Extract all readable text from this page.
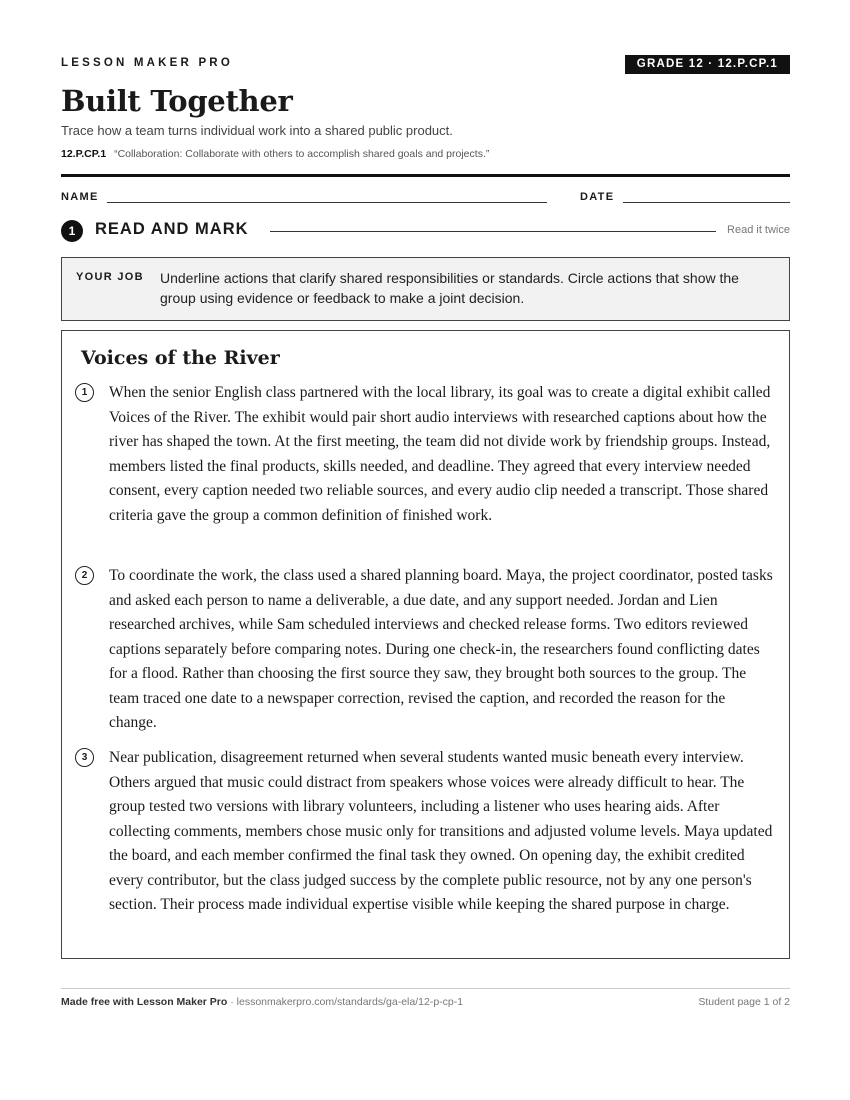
LESSON MAKER PRO	GRADE 12 · 12.P.CP.1
Built Together
Trace how a team turns individual work into a shared public product.
12.P.CP.1 “Collaboration: Collaborate with others to accomplish shared goals and projects.”
NAME	DATE
1	READ AND MARK	Read it twice
YOUR JOB Underline actions that clarify shared responsibilities or standards. Circle actions that show the group using evidence or feedback to make a joint decision.
Voices of the River
1	When the senior English class partnered with the local library, its goal was to create a digital exhibit called Voices of the River. The exhibit would pair short audio interviews with researched captions about how the river has shaped the town. At the first meeting, the team did not divide work by friendship groups. Instead, members listed the final products, skills needed, and deadline. They agreed that every interview needed consent, every caption needed two reliable sources, and every audio clip needed a transcript. Those shared criteria gave the group a common definition of finished work.
2	To coordinate the work, the class used a shared planning board. Maya, the project coordinator, posted tasks and asked each person to name a deliverable, a due date, and any support needed. Jordan and Lien researched archives, while Sam scheduled interviews and checked release forms. Two editors reviewed captions separately before comparing notes. During one check-in, the researchers found conflicting dates for a flood. Rather than choosing the first source they saw, they brought both sources to the group. The team traced one date to a newspaper correction, revised the caption, and recorded the reason for the change.
3	Near publication, disagreement returned when several students wanted music beneath every interview. Others argued that music could distract from speakers whose voices were already difficult to hear. The group tested two versions with library volunteers, including a listener who uses hearing aids. After collecting comments, members chose music only for transitions and adjusted volume levels. Maya updated the board, and each member confirmed the final task they owned. On opening day, the exhibit credited every contributor, but the class judged success by the complete public resource, not by any one person's section. Their process made individual expertise visible while keeping the shared purpose in charge.
Made free with Lesson Maker Pro · lessonmakerpro.com/standards/ga-ela/12-p-cp-1	Student page 1 of 2
